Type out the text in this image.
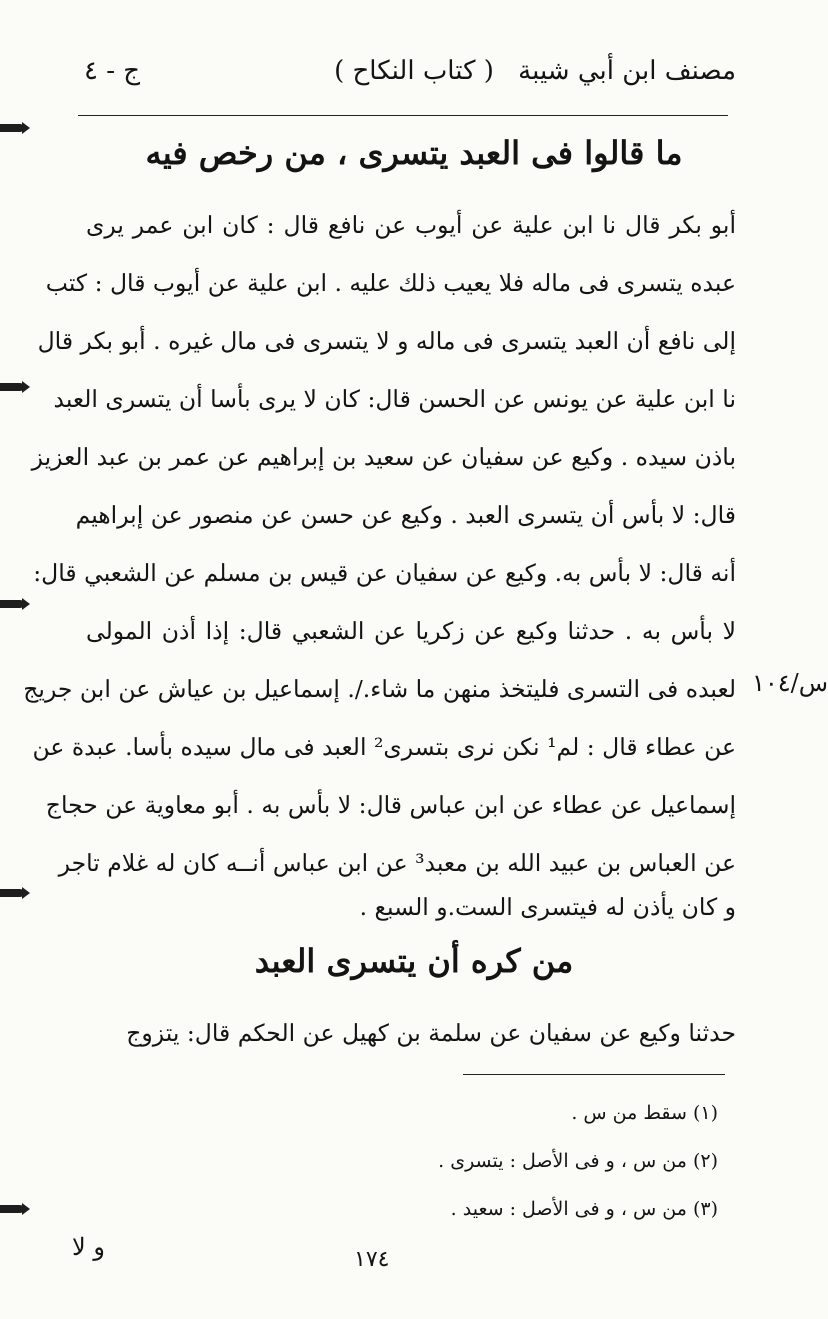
مصنف ابن أبي شيبة
( كتاب النكاح )
ج - ٤
ما قالوا فى العبد يتسرى ، من رخص فيه
أبو بكر قال نا ابن علية عن أيوب عن نافع قال : كان ابن عمر يرى
عبده يتسرى فى ماله فلا يعيب ذلك عليه . ابن علية عن أيوب قال : كتب
إلى نافع أن العبد يتسرى فى ماله و لا يتسرى فى مال غيره . أبو بكر قال
نا ابن علية عن يونس عن الحسن قال: كان لا يرى بأسا أن يتسرى العبد
باذن سيده . وكيع عن سفيان عن سعيد بن إبراهيم عن عمر بن عبد العزيز
قال: لا بأس أن يتسرى العبد . وكيع عن حسن عن منصور عن إبراهيم
أنه قال: لا بأس به. وكيع عن سفيان عن قيس بن مسلم عن الشعبي قال:
لا بأس به . حدثنا وكيع عن زكريا عن الشعبي قال: إذا أذن المولى
لعبده فى التسرى فليتخذ منهن ما شاء./. إسماعيل بن عياش عن ابن جريج
عن عطاء قال : لم¹ نكن نرى بتسرى² العبد فى مال سيده بأسا. عبدة عن
إسماعيل عن عطاء عن ابن عباس قال: لا بأس به . أبو معاوية عن حجاج
عن العباس بن عبيد الله بن معبد³ عن ابن عباس أنــه كان له غلام تاجر
و كان يأذن له فيتسرى الست.و السبع .
س/١٠٤
من كره أن يتسرى العبد
حدثنا وكيع عن سفيان عن سلمة بن كهيل عن الحكم قال: يتزوج
(١) سقط من س .
(٢) من س ، و فى الأصل : يتسرى .
(٣) من س ، و فى الأصل : سعيد .
و لا	١٧٤
